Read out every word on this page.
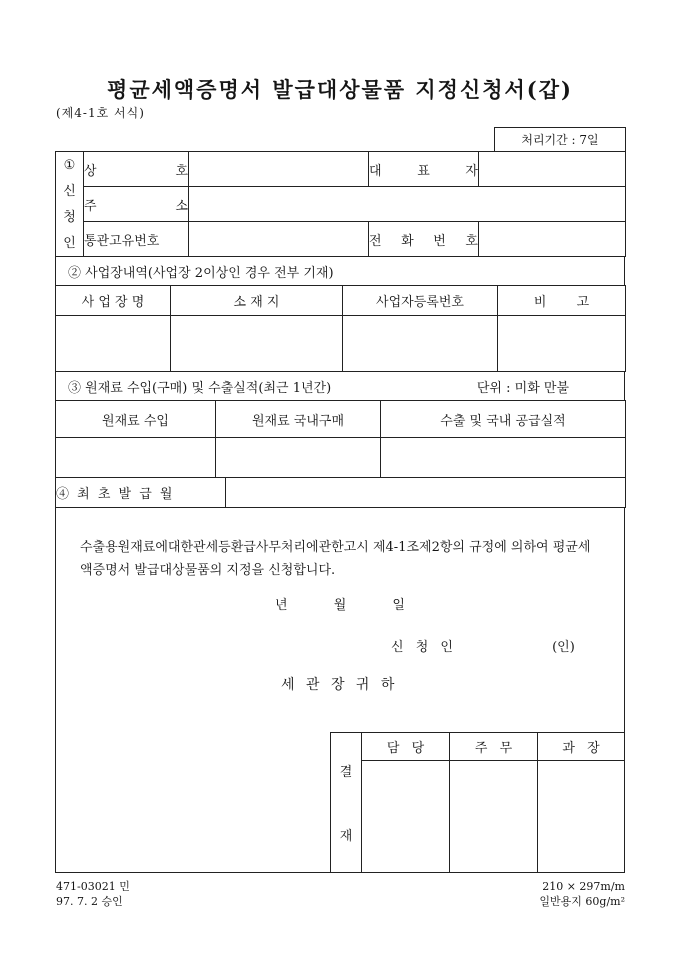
평균세액증명서 발급대상물품 지정신청서(갑)
(제4-1호 서식)
처리기간 : 7일
①
신
청
인	상 호		대 표 자	
	주 소			
	통관고유번호		전 화 번 호	
② 사업장내역(사업장 2이상인 경우 전부 기재)
사 업 장 명	소 재 지	사업자등록번호	비 고

③ 원재료 수입(구매) 및 수출실적(최근 1년간)	단위 : 미화 만불
원재료 수입	원재료 국내구매	수출 및 국내 공급실적

④ 최 초 발 급 월	

수출용원재료에대한관세등환급사무처리에관한고시 제4-1조제2항의 규정에 의하여 평균세액증명서 발급대상물품의 지정을 신청합니다.

년 월 일
신 청 인	(인)
세 관 장 귀 하
결
재	담 당	주 무	과 장

471-03021 민
97. 7. 2 승인
210 × 297m/m
일반용지 60g/m²
